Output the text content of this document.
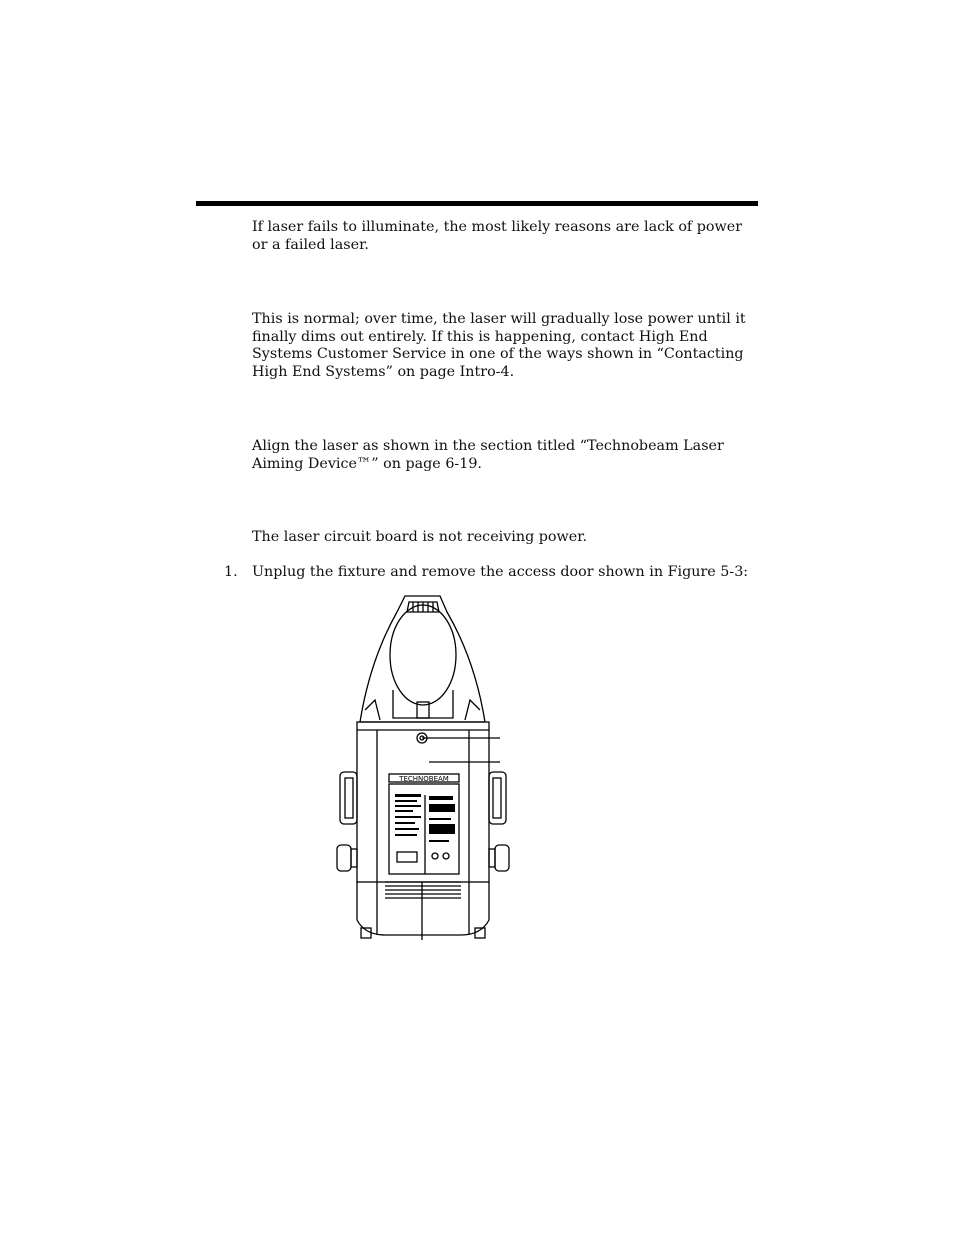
If laser fails to illuminate, the most likely reasons are lack of power or a failed laser.

This is normal; over time, the laser will gradually lose power until it finally dims out entirely. If this is happening, contact High End Systems Customer Service in one of the ways shown in “Contacting High End Systems” on page Intro-4.

Align the laser as shown in the section titled “Technobeam Laser Aiming Device™” on page 6-19.

The laser circuit board is not receiving power.

1. Unplug the fixture and remove the access door shown in Figure 5-3:

TECHNOBEAM
